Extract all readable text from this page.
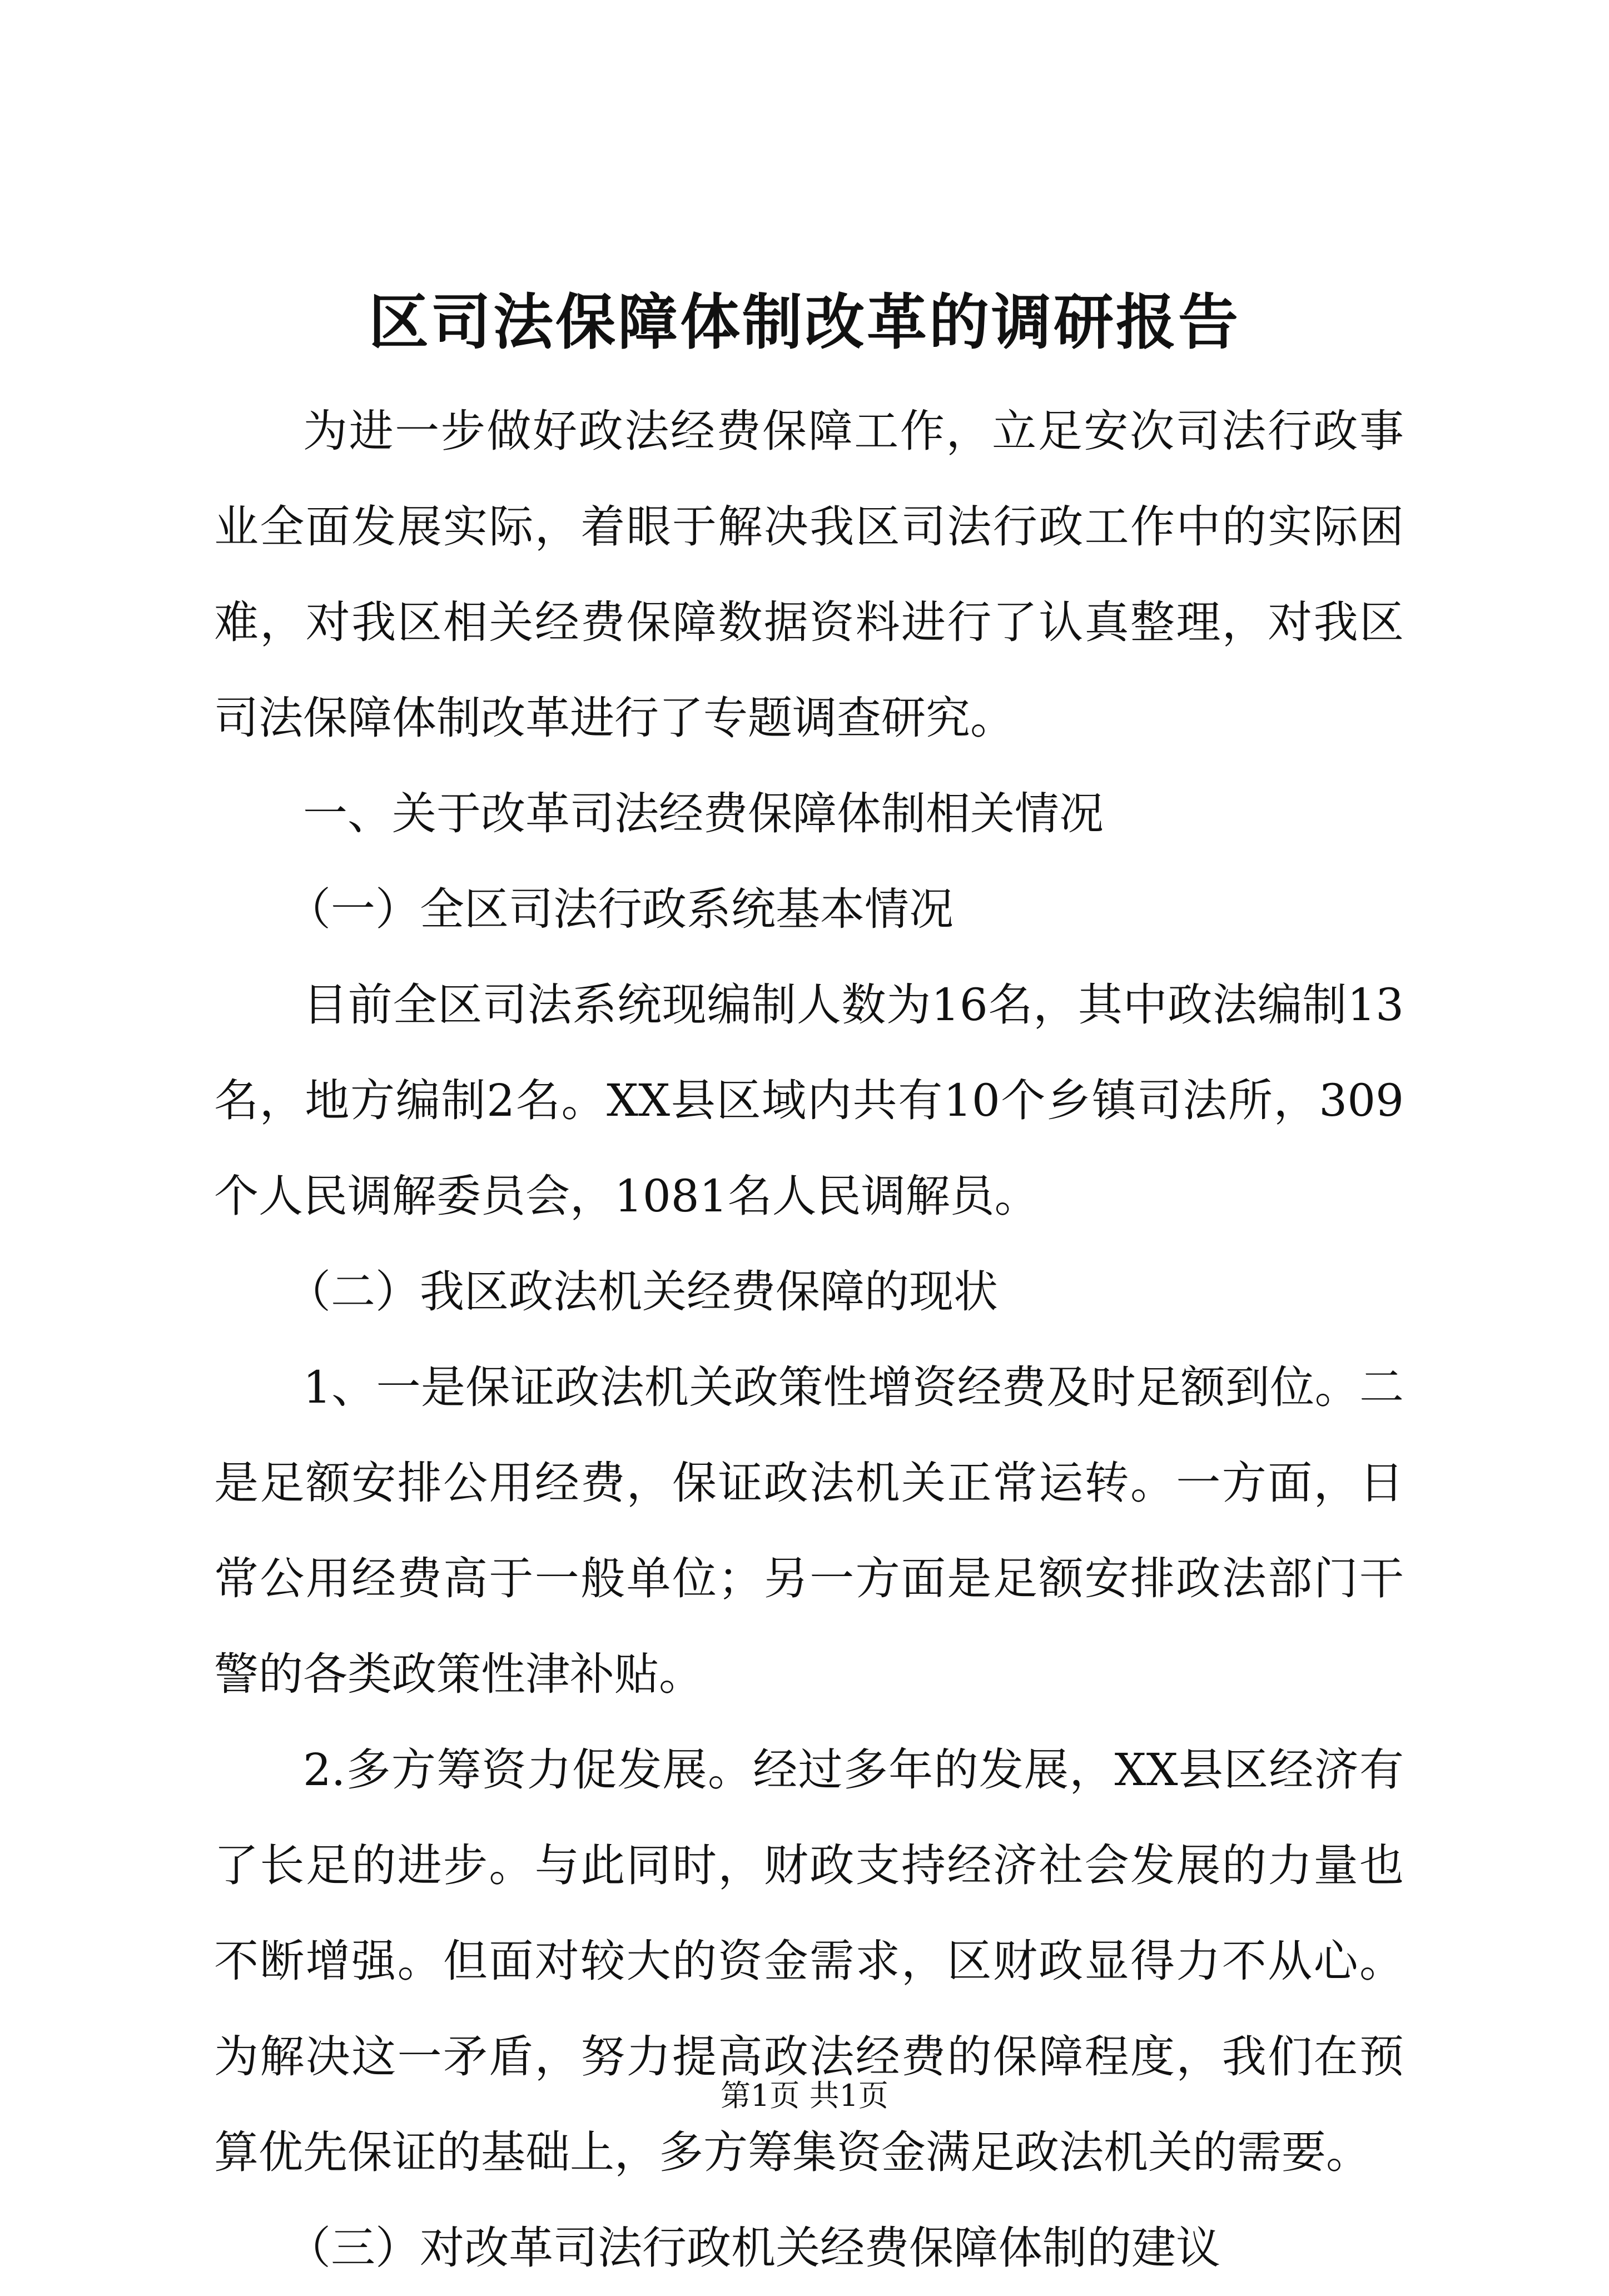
区司法保障体制改革的调研报告

为进一步做好政法经费保障工作，立足安次司法行政事业全面发展实际，着眼于解决我区司法行政工作中的实际困难，对我区相关经费保障数据资料进行了认真整理，对我区司法保障体制改革进行了专题调查研究。

一、关于改革司法经费保障体制相关情况

（一）全区司法行政系统基本情况

目前全区司法系统现编制人数为16名，其中政法编制13名，地方编制2名。XX县区域内共有10个乡镇司法所，309个人民调解委员会，1081名人民调解员。

（二）我区政法机关经费保障的现状

1、一是保证政法机关政策性增资经费及时足额到位。二是足额安排公用经费，保证政法机关正常运转。一方面，日常公用经费高于一般单位；另一方面是足额安排政法部门干警的各类政策性津补贴。

2.多方筹资力促发展。经过多年的发展，XX县区经济有了长足的进步。与此同时，财政支持经济社会发展的力量也不断增强。但面对较大的资金需求，区财政显得力不从心。为解决这一矛盾，努力提高政法经费的保障程度，我们在预算优先保证的基础上，多方筹集资金满足政法机关的需要。

（三）对改革司法行政机关经费保障体制的建议

第1页 共1页
